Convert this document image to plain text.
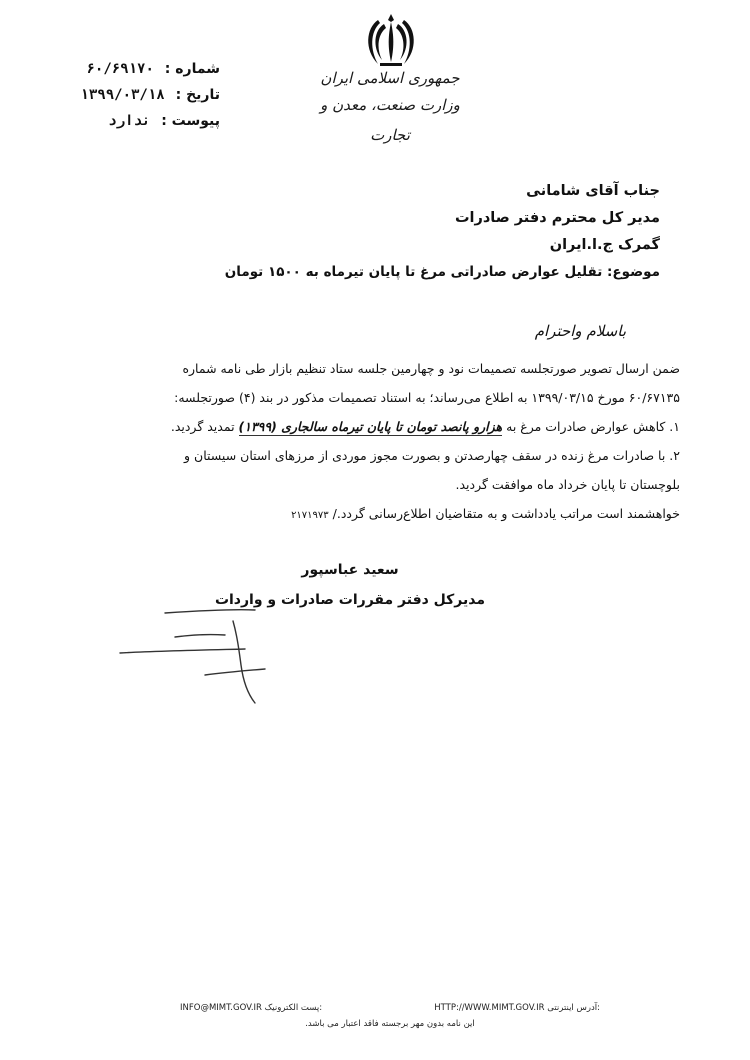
جمهوری اسلامی ایران
وزارت صنعت، معدن و تجارت
شماره : ۶۰/۶۹۱۷۰
تاریخ : ۱۳۹۹/۰۳/۱۸
پیوست : ندارد
جناب آقای شامانی
مدیر کل محترم دفتر صادرات
گمرک ج.ا.ایران
موضوع: تقلیل عوارض صادراتی مرغ تا پایان تیرماه به ۱۵۰۰ تومان
باسلام واحترام

ضمن ارسال تصویر صورتجلسه تصمیمات نود و چهارمین جلسه ستاد تنظیم بازار طی نامه شماره

۶۰/۶۷۱۳۵ مورخ ۱۳۹۹/۰۳/۱۵ به اطلاع می‌رساند؛ به استناد تصمیمات مذکور در بند (۴) صورتجلسه:

۱. کاهش عوارض صادرات مرغ به هزارو پانصد تومان تا پایان تیرماه سالجاری (۱۳۹۹) تمدید گردید.

۲. با صادرات مرغ زنده در سقف چهارصدتن و بصورت مجوز موردی از مرزهای استان سیستان و

بلوچستان تا پایان خرداد ماه موافقت گردید.

خواهشمند است مراتب یادداشت و به متقاضیان اطلاع‌رسانی گردد./ ۲۱۷۱۹۷۳

سعید عباسپور
مدیرکل دفتر مقررات صادرات و واردات
INFO@MIMT.GOV.IR :پست الکترونیک	HTTP://WWW.MIMT.GOV.IR :آدرس اینترنتی
این نامه بدون مهر برجسته فاقد اعتبار می باشد.
